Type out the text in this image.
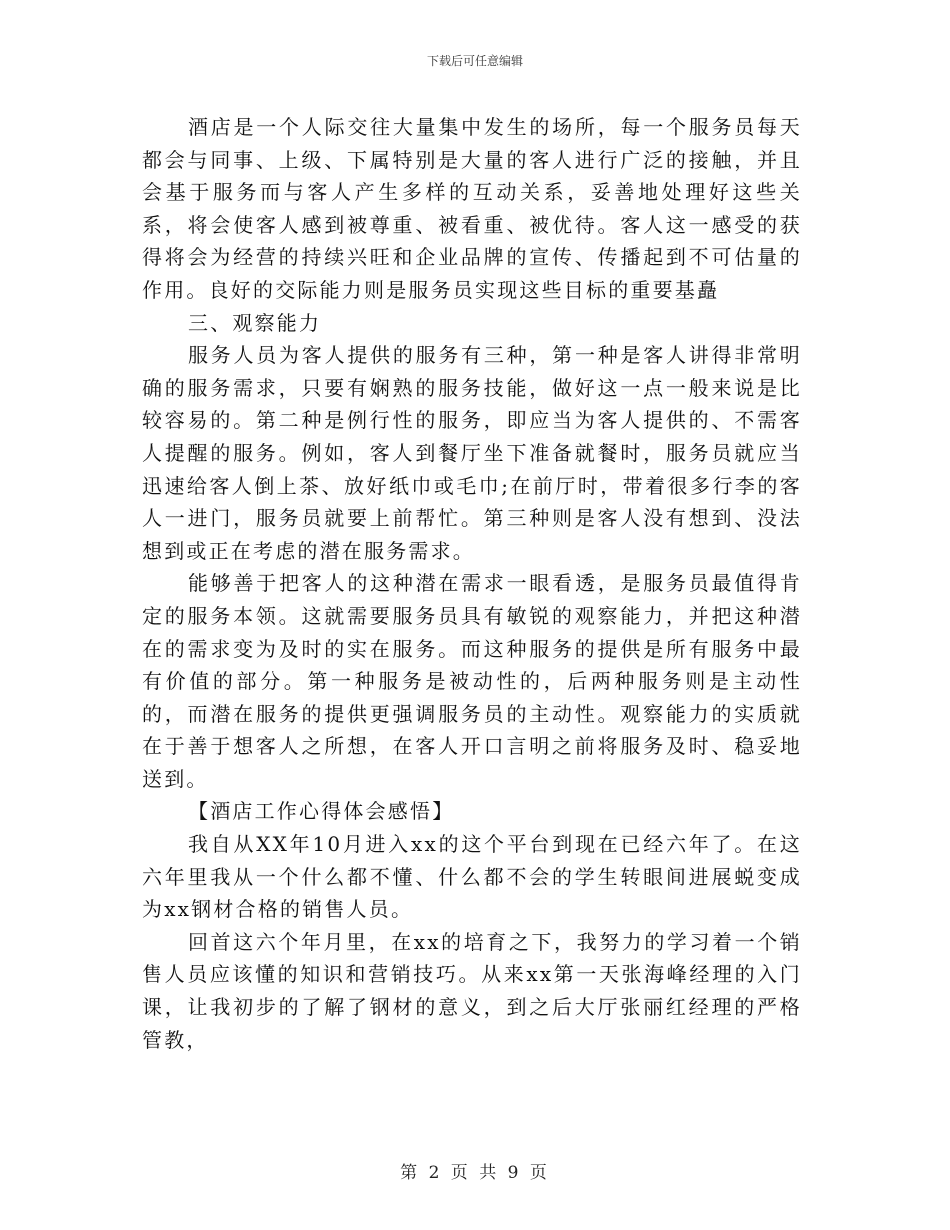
下载后可任意编辑

酒店是一个人际交往大量集中发生的场所，每一个服务员每天都会与同事、上级、下属特别是大量的客人进行广泛的接触，并且会基于服务而与客人产生多样的互动关系，妥善地处理好这些关系，将会使客人感到被尊重、被看重、被优待。客人这一感受的获得将会为经营的持续兴旺和企业品牌的宣传、传播起到不可估量的作用。良好的交际能力则是服务员实现这些目标的重要基矗

三、观察能力

服务人员为客人提供的服务有三种，第一种是客人讲得非常明确的服务需求，只要有娴熟的服务技能，做好这一点一般来说是比较容易的。第二种是例行性的服务，即应当为客人提供的、不需客人提醒的服务。例如，客人到餐厅坐下准备就餐时，服务员就应当迅速给客人倒上茶、放好纸巾或毛巾;在前厅时，带着很多行李的客人一进门，服务员就要上前帮忙。第三种则是客人没有想到、没法想到或正在考虑的潜在服务需求。

能够善于把客人的这种潜在需求一眼看透，是服务员最值得肯定的服务本领。这就需要服务员具有敏锐的观察能力，并把这种潜在的需求变为及时的实在服务。而这种服务的提供是所有服务中最有价值的部分。第一种服务是被动性的，后两种服务则是主动性的，而潜在服务的提供更强调服务员的主动性。观察能力的实质就在于善于想客人之所想，在客人开口言明之前将服务及时、稳妥地送到。

【酒店工作心得体会感悟】

我自从XX年10月进入xx的这个平台到现在已经六年了。在这六年里我从一个什么都不懂、什么都不会的学生转眼间进展蜕变成为xx钢材合格的销售人员。

回首这六个年月里，在xx的培育之下，我努力的学习着一个销售人员应该懂的知识和营销技巧。从来xx第一天张海峰经理的入门课，让我初步的了解了钢材的意义，到之后大厅张丽红经理的严格管教，

第 2 页 共 9 页
